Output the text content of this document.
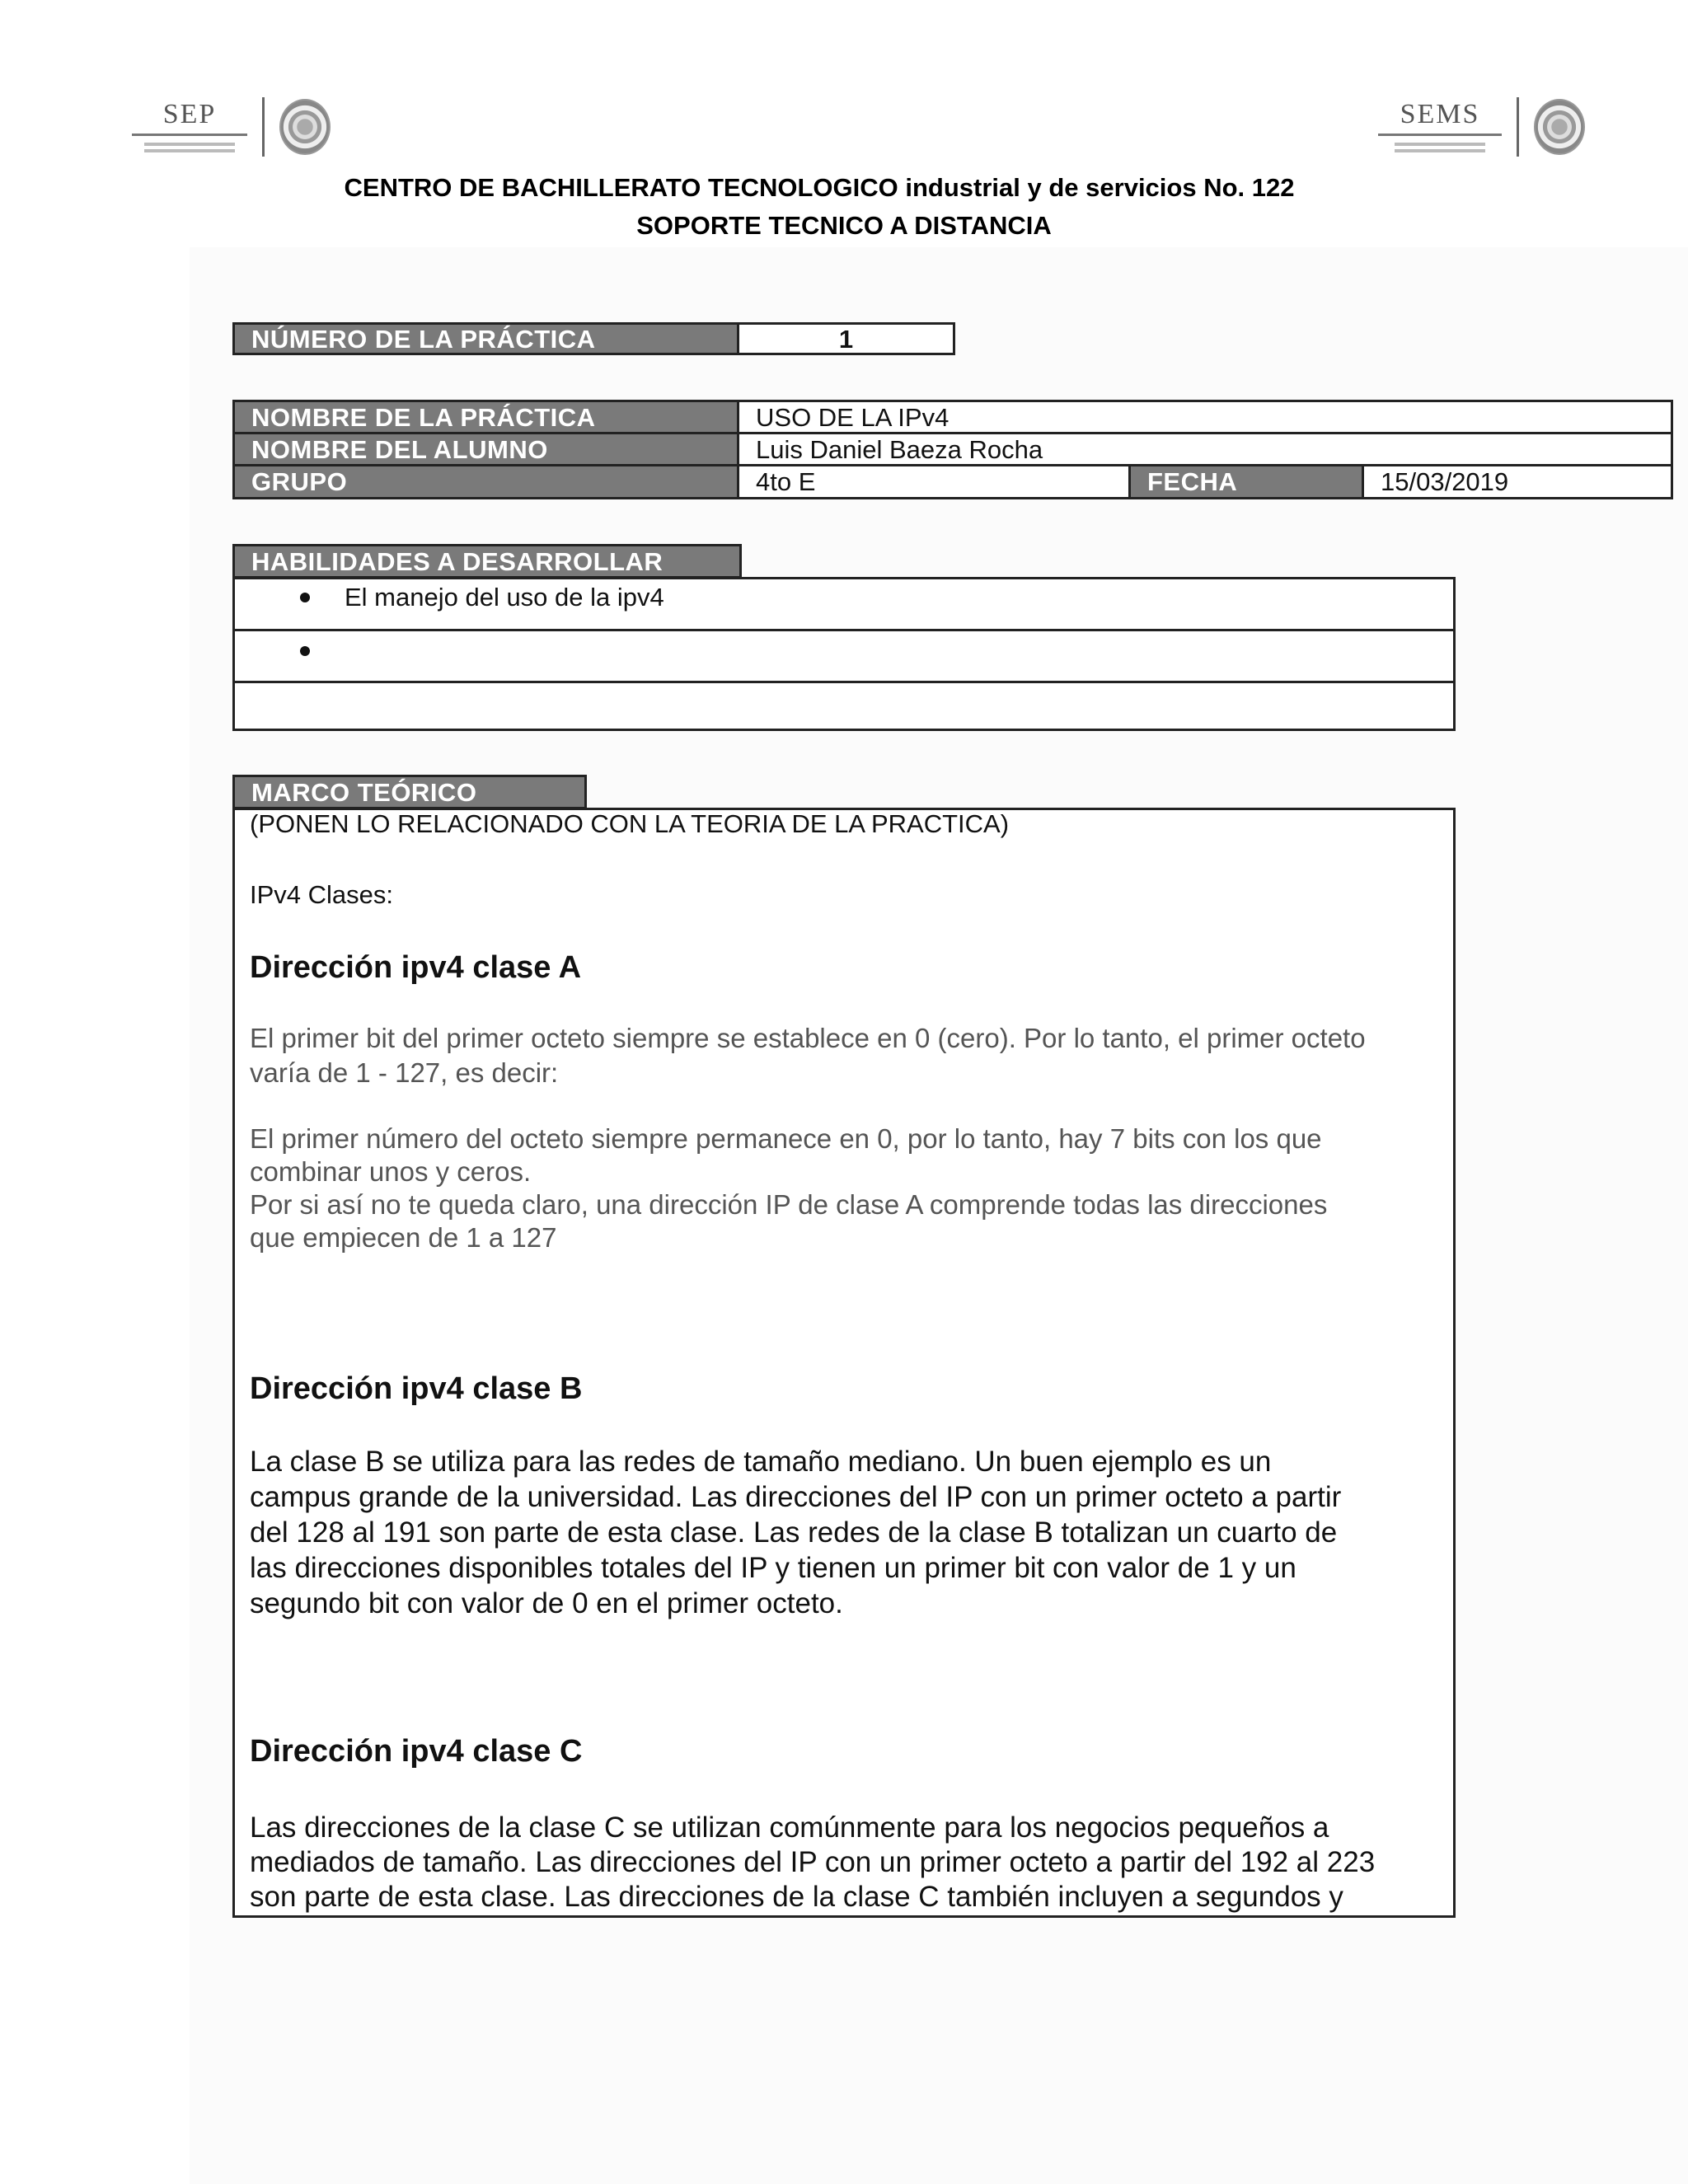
SEP	SEMS
CENTRO DE BACHILLERATO TECNOLOGICO industrial y de servicios No. 122
SOPORTE TECNICO A DISTANCIA
NÚMERO DE LA PRÁCTICA	1
NOMBRE DE LA PRÁCTICA	USO DE LA IPv4
NOMBRE DEL ALUMNO	Luis Daniel Baeza Rocha
GRUPO	4to E	FECHA	15/03/2019
HABILIDADES A DESARROLLAR
El manejo del uso de la ipv4
MARCO TEÓRICO
(PONEN LO RELACIONADO CON LA TEORIA DE LA PRACTICA)
IPv4 Clases:
Dirección ipv4 clase A
El primer bit del primer octeto siempre se establece en 0 (cero). Por lo tanto, el primer octeto
varía de 1 - 127, es decir:
El primer número del octeto siempre permanece en 0, por lo tanto, hay 7 bits con los que
combinar unos y ceros.
Por si así no te queda claro, una dirección IP de clase A comprende todas las direcciones
que empiecen de 1 a 127
Dirección ipv4 clase B
La clase B se utiliza para las redes de tamaño mediano. Un buen ejemplo es un
campus grande de la universidad. Las direcciones del IP con un primer octeto a partir
del 128 al 191 son parte de esta clase. Las redes de la clase B totalizan un cuarto de
las direcciones disponibles totales del IP y tienen un primer bit con valor de 1 y un
segundo bit con valor de 0 en el primer octeto.
Dirección ipv4 clase C
Las direcciones de la clase C se utilizan comúnmente para los negocios pequeños a
mediados de tamaño. Las direcciones del IP con un primer octeto a partir del 192 al 223
son parte de esta clase. Las direcciones de la clase C también incluyen a segundos y
